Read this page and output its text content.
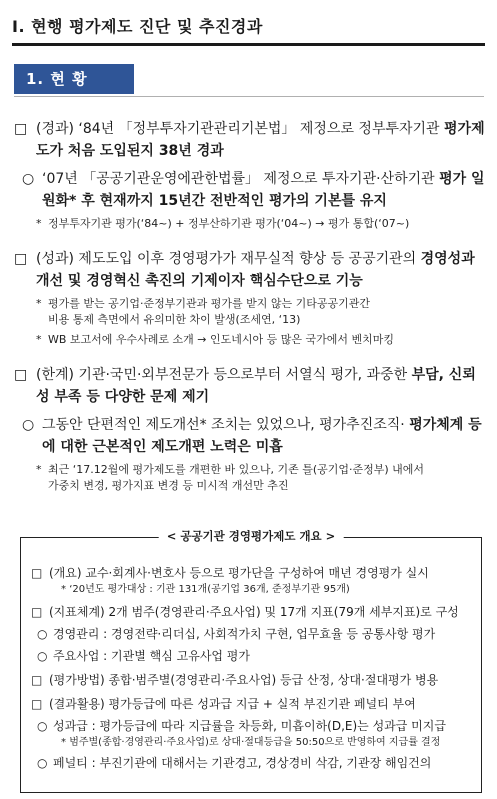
Ⅰ. 현행 평가제도 진단 및 추진경과
1. 현 황
□ (경과) ‘84년 「정부투자기관관리기본법」 제정으로 정부투자기관 평가제도가 처음 도입된지 38년 경과
○ ‘07년 「공공기관운영에관한법률」 제정으로 투자기관·산하기관 평가 일원화* 후 현재까지 15년간 전반적인 평가의 기본틀 유지
* 정부투자기관 평가(‘84~) + 정부산하기관 평가(‘04~) → 평가 통합(‘07~)
□ (성과) 제도도입 이후 경영평가가 재무실적 향상 등 공공기관의 경영성과 개선 및 경영혁신 촉진의 기제이자 핵심수단으로 기능
* 평가를 받는 공기업·준정부기관과 평가를 받지 않는 기타공공기관간
비용 통제 측면에서 유의미한 차이 발생(조세연, ‘13)
* WB 보고서에 우수사례로 소개 → 인도네시아 등 많은 국가에서 벤치마킹
□ (한계) 기관·국민·외부전문가 등으로부터 서열식 평가, 과중한 부담, 신뢰성 부족 등 다양한 문제 제기
○ 그동안 단편적인 제도개선* 조치는 있었으나, 평가추진조직· 평가체계 등에 대한 근본적인 제도개편 노력은 미흡
* 최근 ‘17.12월에 평가제도를 개편한 바 있으나, 기존 틀(공기업·준정부) 내에서
가중치 변경, 평가지표 변경 등 미시적 개선만 추진
< 공공기관 경영평가제도 개요 >
□ (개요) 교수·회계사·변호사 등으로 평가단을 구성하여 매년 경영평가 실시
* ‘20년도 평가대상 : 기관 131개(공기업 36개, 준정부기관 95개)
□ (지표체계) 2개 범주(경영관리·주요사업) 및 17개 지표(79개 세부지표)로 구성
○ 경영관리 : 경영전략·리더십, 사회적가치 구현, 업무효율 등 공통사항 평가
○ 주요사업 : 기관별 핵심 고유사업 평가
□ (평가방법) 종합·범주별(경영관리·주요사업) 등급 산정, 상대·절대평가 병용
□ (결과활용) 평가등급에 따른 성과급 지급 + 실적 부진기관 페널티 부여
○ 성과급 : 평가등급에 따라 지급률을 차등화, 미흡이하(D,E)는 성과급 미지급
* 범주별(종합·경영관리·주요사업)로 상대·절대등급을 50:50으로 반영하여 지급률 결정
○ 페널티 : 부진기관에 대해서는 기관경고, 경상경비 삭감, 기관장 해임건의
